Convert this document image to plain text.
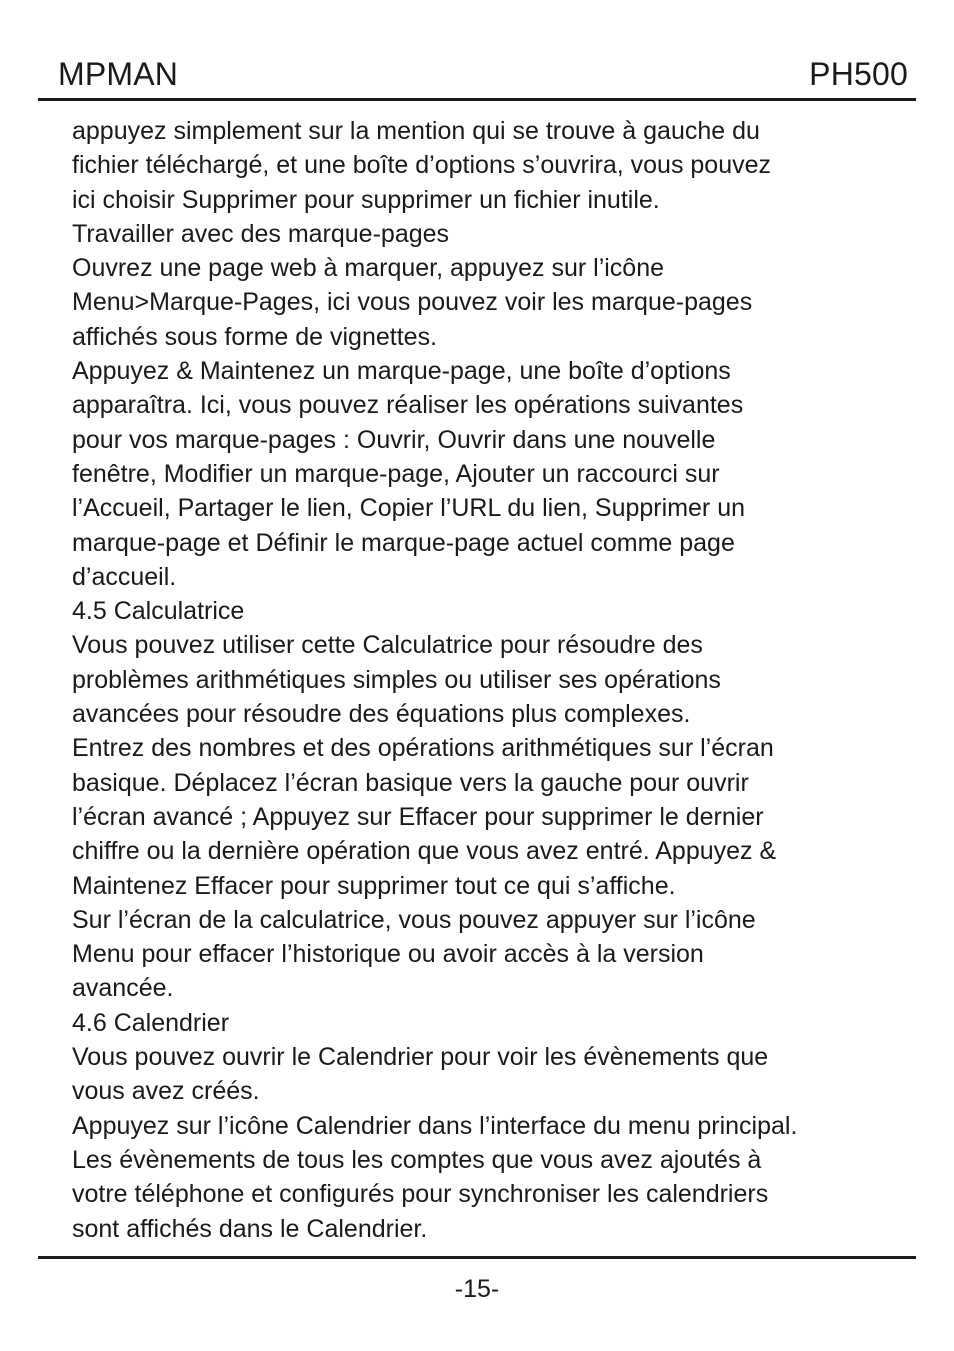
MPMAN	PH500
appuyez simplement sur la mention qui se trouve à gauche du
fichier téléchargé, et une boîte d’options s’ouvrira, vous pouvez
ici choisir Supprimer pour supprimer un fichier inutile.
Travailler avec des marque-pages
Ouvrez une page web à marquer, appuyez sur l’icône
Menu>Marque-Pages, ici vous pouvez voir les marque-pages
affichés sous forme de vignettes.
Appuyez & Maintenez un marque-page, une boîte d’options
apparaîtra. Ici, vous pouvez réaliser les opérations suivantes
pour vos marque-pages : Ouvrir, Ouvrir dans une nouvelle
fenêtre, Modifier un marque-page, Ajouter un raccourci sur
l’Accueil, Partager le lien, Copier l’URL du lien, Supprimer un
marque-page et Définir le marque-page actuel comme page
d’accueil.
4.5 Calculatrice
Vous pouvez utiliser cette Calculatrice pour résoudre des
problèmes arithmétiques simples ou utiliser ses opérations
avancées pour résoudre des équations plus complexes.
Entrez des nombres et des opérations arithmétiques sur l’écran
basique. Déplacez l’écran basique vers la gauche pour ouvrir
l’écran avancé ; Appuyez sur Effacer pour supprimer le dernier
chiffre ou la dernière opération que vous avez entré. Appuyez &
Maintenez Effacer pour supprimer tout ce qui s’affiche.
Sur l’écran de la calculatrice, vous pouvez appuyer sur l’icône
Menu pour effacer l’historique ou avoir accès à la version
avancée.
4.6 Calendrier
Vous pouvez ouvrir le Calendrier pour voir les évènements que
vous avez créés.
Appuyez sur l’icône Calendrier dans l’interface du menu principal.
Les évènements de tous les comptes que vous avez ajoutés à
votre téléphone et configurés pour synchroniser les calendriers
sont affichés dans le Calendrier.
-15-
